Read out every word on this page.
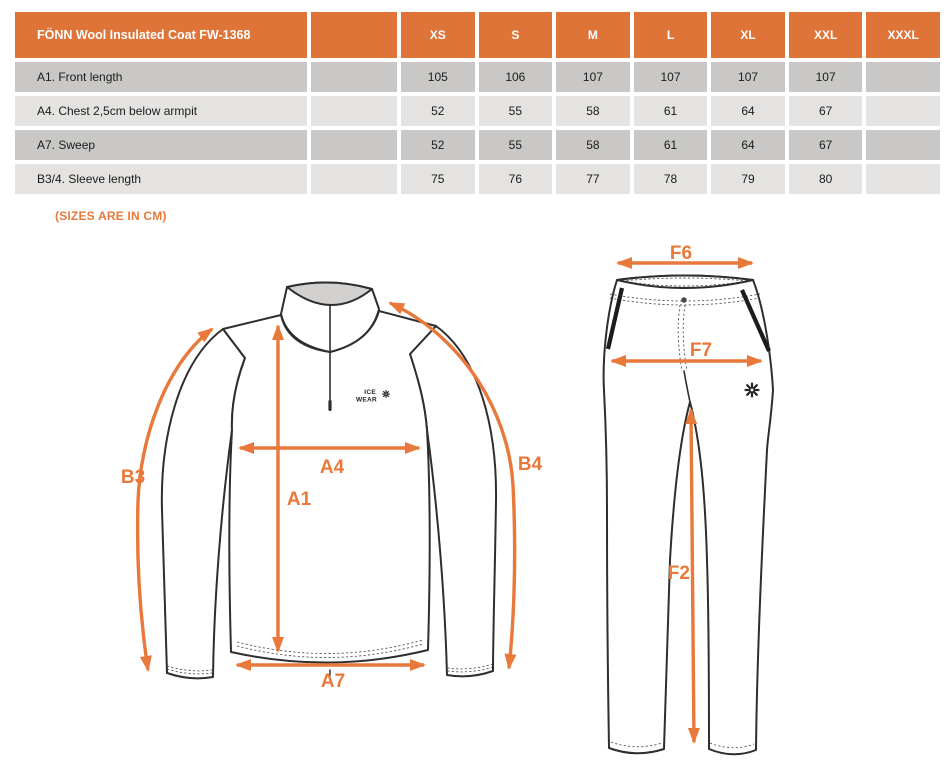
FÖNN Wool Insulated Coat FW-1368	XS	S	M	L	XL	XXL	XXXL
A1. Front length	105	106	107	107	107	107
A4. Chest 2,5cm below armpit	52	55	58	61	64	67
A7. Sweep	52	55	58	61	64	67
B3/4. Sleeve length	75	76	77	78	79	80
(SIZES ARE IN CM)
ICE
WEAR
B3	A4
A1
B4
A7
F6
F7
F2
